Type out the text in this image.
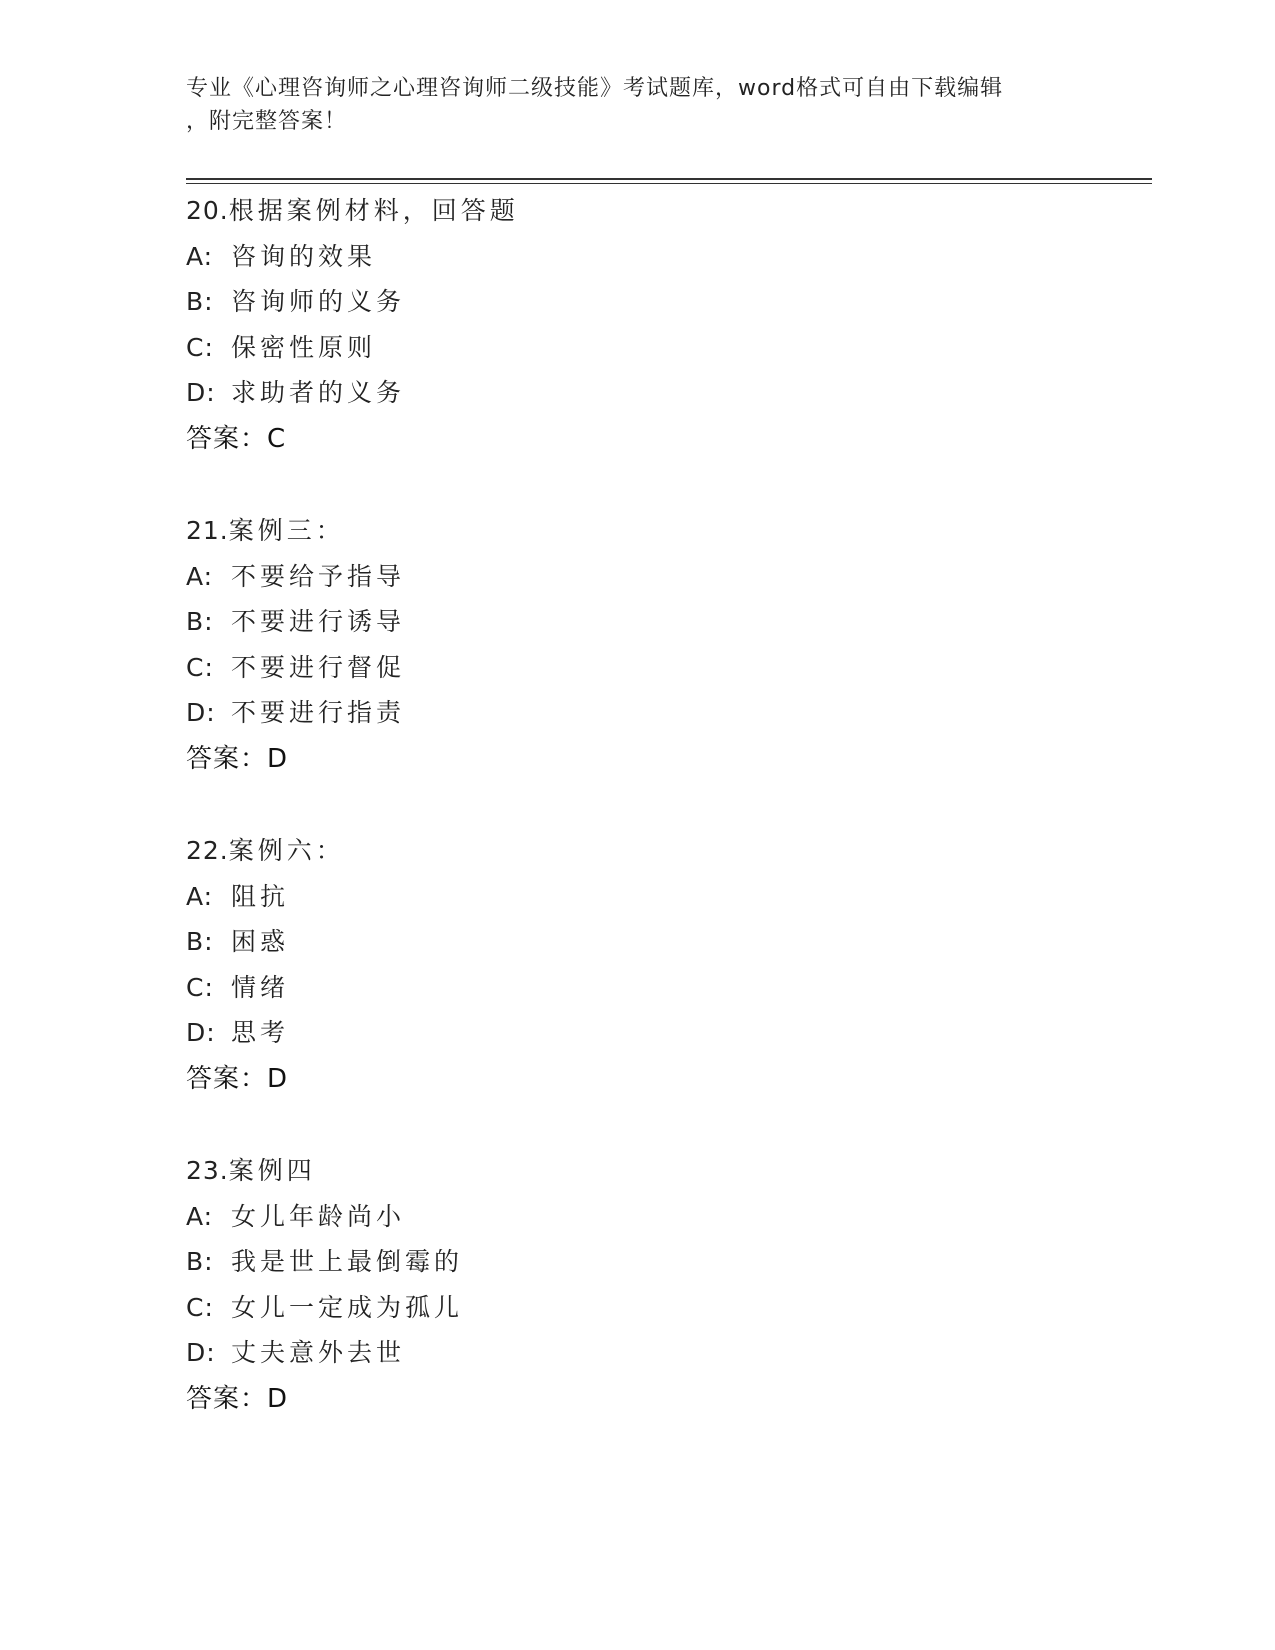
专业《心理咨询师之心理咨询师二级技能》考试题库，word格式可自由下载编辑
，附完整答案！
20.根据案例材料，回答题
A: 咨询的效果
B: 咨询师的义务
C: 保密性原则
D: 求助者的义务
答案：C
21.案例三：
A: 不要给予指导
B: 不要进行诱导
C: 不要进行督促
D: 不要进行指责
答案：D
22.案例六：
A: 阻抗
B: 困惑
C: 情绪
D: 思考
答案：D
23.案例四
A: 女儿年龄尚小
B: 我是世上最倒霉的
C: 女儿一定成为孤儿
D: 丈夫意外去世
答案：D
